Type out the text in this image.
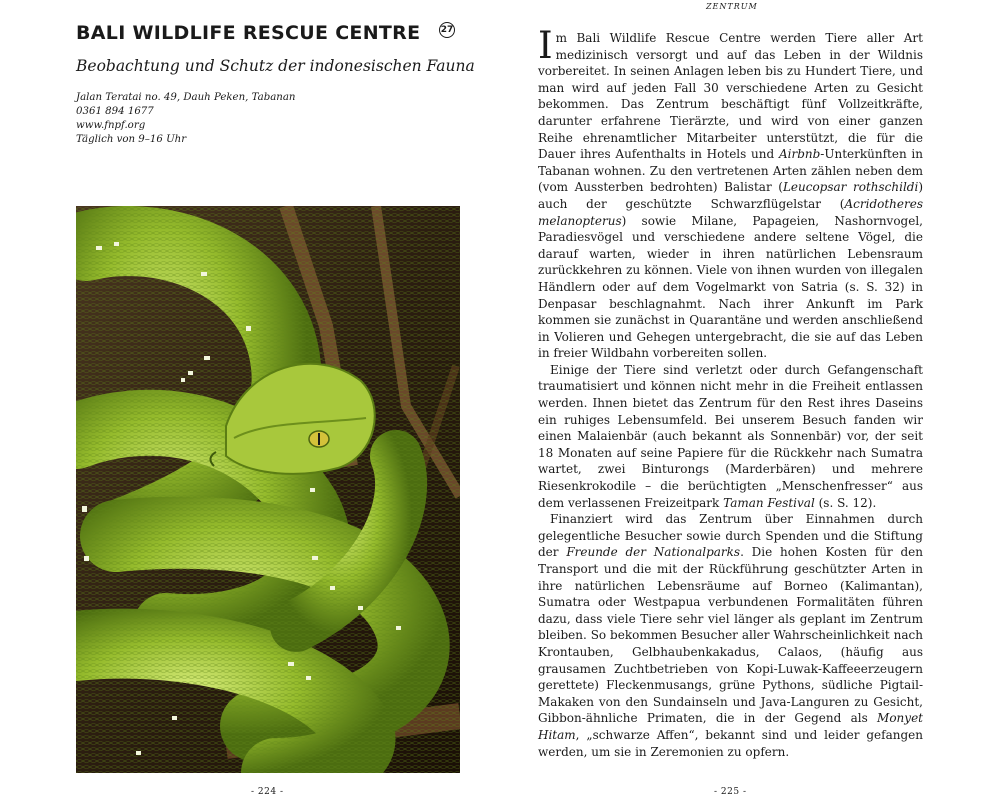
BALI WILDLIFE RESCUE CENTRE	27
Beobachtung und Schutz der indonesischen Fauna
Jalan Teratai no. 49, Dauh Peken, Tabanan
0361 894 1677
www.fnpf.org
Täglich von 9–16 Uhr
- 224 -
ZENTRUM

Im Bali Wildlife Rescue Centre werden Tiere aller Art medizinisch versorgt und auf das Leben in der Wildnis vorbereitet. In seinen Anlagen leben bis zu Hundert Tiere, und man wird auf jeden Fall 30 verschiedene Arten zu Gesicht bekommen. Das Zentrum beschäftigt fünf Vollzeitkräfte, darunter erfahrene Tierärzte, und wird von einer ganzen Reihe ehrenamtlicher Mitarbeiter unterstützt, die für die Dauer ihres Aufenthalts in Hotels und Airbnb-Unterkünften in Tabanan wohnen. Zu den vertretenen Arten zählen neben dem (vom Aussterben bedrohten) Balistar (Leucopsar rothschildi) auch der geschützte Schwarzflügelstar (Acridotheres melanopterus) sowie Milane, Papageien, Nashornvogel, Paradiesvögel und verschiedene andere seltene Vögel, die darauf warten, wieder in ihren natürlichen Lebensraum zurückkehren zu können. Viele von ihnen wurden von illegalen Händlern oder auf dem Vogelmarkt von Satria (s. S. 32) in Denpasar beschlagnahmt. Nach ihrer Ankunft im Park kommen sie zunächst in Quarantäne und werden anschließend in Volieren und Gehegen untergebracht, die sie auf das Leben in freier Wildbahn vorbereiten sollen.

Einige der Tiere sind verletzt oder durch Gefangenschaft traumatisiert und können nicht mehr in die Freiheit entlassen werden. Ihnen bietet das Zentrum für den Rest ihres Daseins ein ruhiges Lebensumfeld. Bei unserem Besuch fanden wir einen Malaienbär (auch bekannt als Sonnenbär) vor, der seit 18 Monaten auf seine Papiere für die Rückkehr nach Sumatra wartet, zwei Binturongs (Marderbären) und mehrere Riesenkrokodile – die berüchtigten „Menschenfresser“ aus dem verlassenen Freizeitpark Taman Festival (s. S. 12).

Finanziert wird das Zentrum über Einnahmen durch gelegentliche Besucher sowie durch Spenden und die Stiftung der Freunde der Nationalparks. Die hohen Kosten für den Transport und die mit der Rückführung geschützter Arten in ihre natürlichen Lebensräume auf Borneo (Kalimantan), Sumatra oder Westpapua verbundenen Formalitäten führen dazu, dass viele Tiere sehr viel länger als geplant im Zentrum bleiben. So bekommen Besucher aller Wahrscheinlichkeit nach Krontauben, Gelbhaubenkakadus, Calaos, (häufig aus grausamen Zuchtbetrieben von Kopi-Luwak-Kaffeeerzeugern gerettete) Fleckenmusangs, grüne Pythons, südliche Pigtail-Makaken von den Sundainseln und Java-Languren zu Gesicht, Gibbon-ähnliche Primaten, die in der Gegend als Monyet Hitam, „schwarze Affen“, bekannt sind und leider gefangen werden, um sie in Zeremonien zu opfern.

- 225 -
